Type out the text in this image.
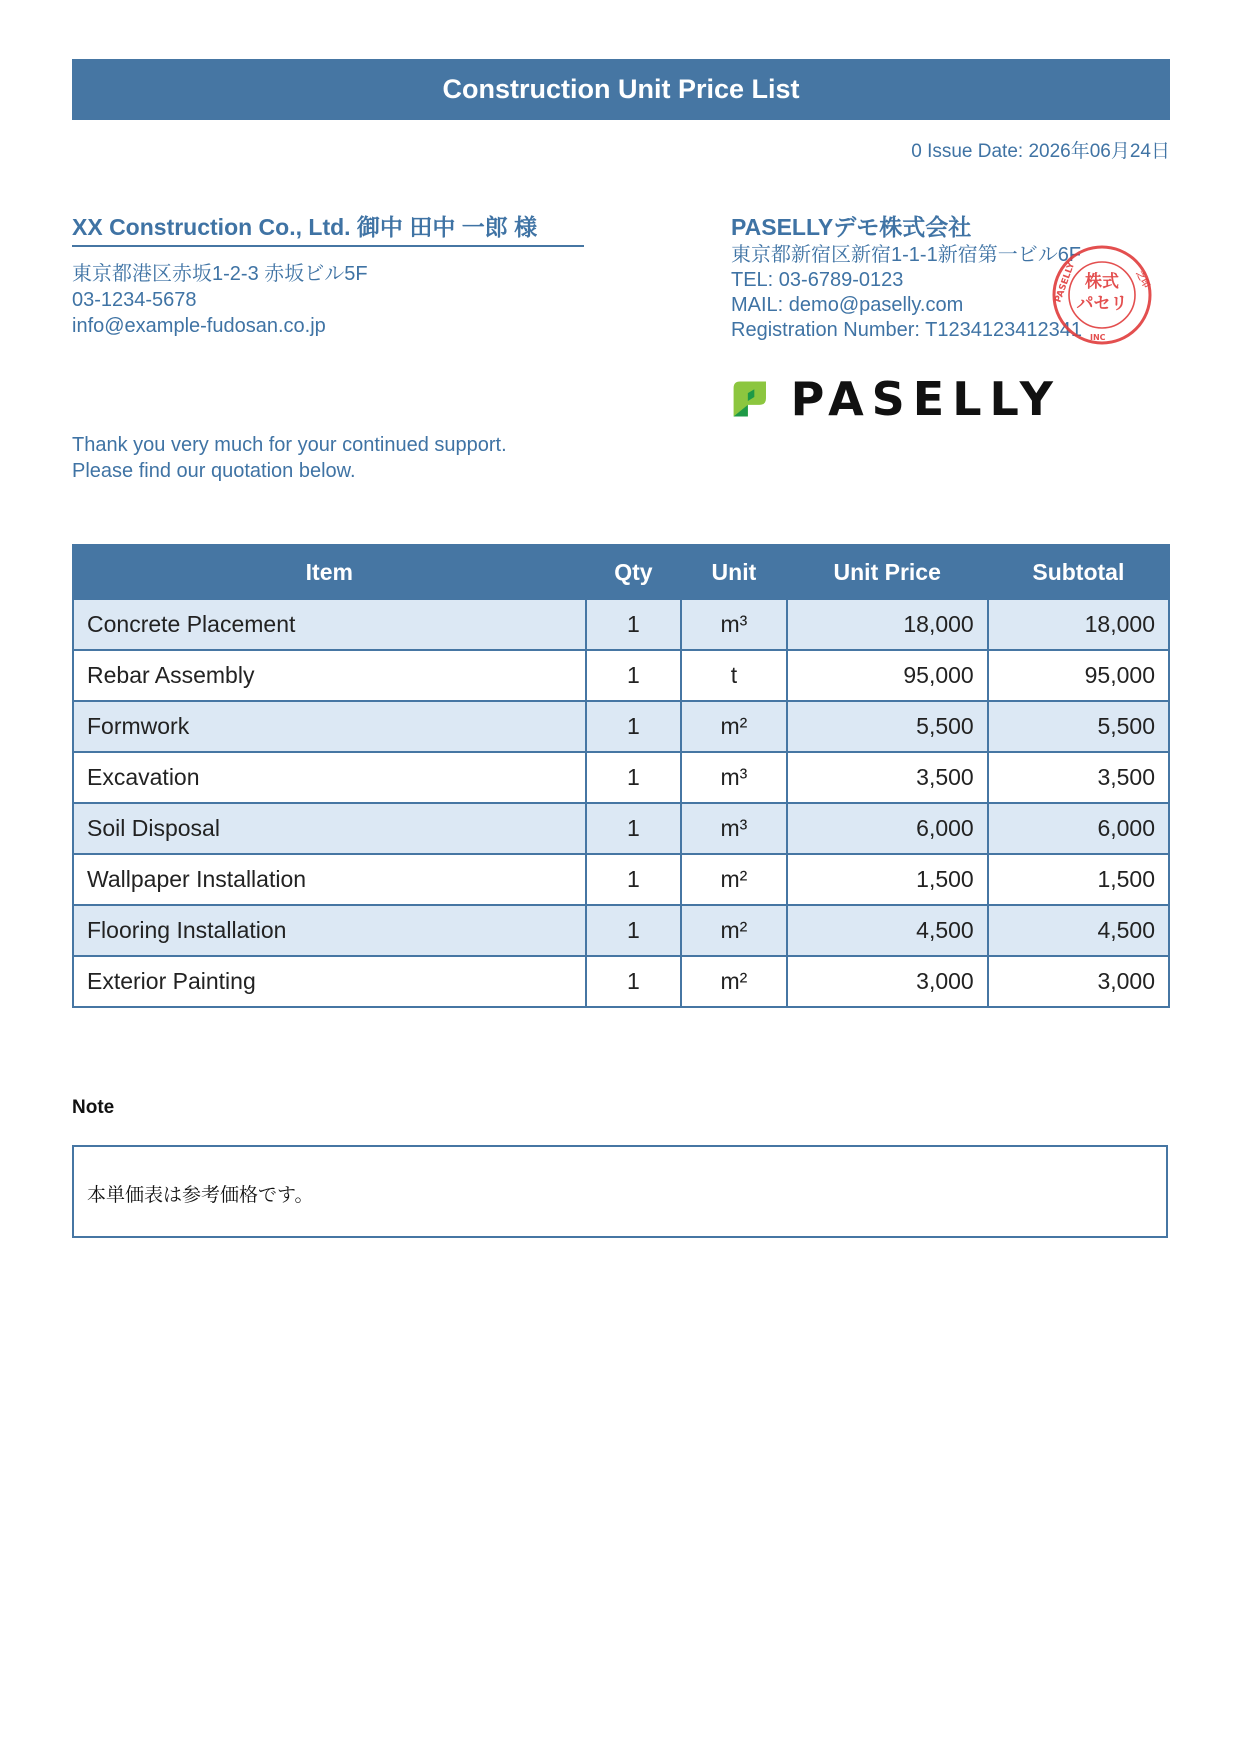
Construction Unit Price List
0 Issue Date: 2026年06月24日
XX Construction Co., Ltd. 御中 田中 一郎 様
東京都港区赤坂1-2-3 赤坂ビル5F
03-1234-5678
info@example-fudosan.co.jp
Thank you very much for your continued support.
Please find our quotation below.
PASELLYデモ株式会社
東京都新宿区新宿1-1-1新宿第一ビル6F
TEL: 03-6789-0123
MAIL: demo@paselly.com
Registration Number: T1234123412341
株式
パセリ
PASELLY	之印
INC
PASELLY
Item	Qty	Unit	Unit Price	Subtotal
Concrete Placement	1	m³	18,000	18,000
Rebar Assembly	1	t	95,000	95,000
Formwork	1	m²	5,500	5,500
Excavation	1	m³	3,500	3,500
Soil Disposal	1	m³	6,000	6,000
Wallpaper Installation	1	m²	1,500	1,500
Flooring Installation	1	m²	4,500	4,500
Exterior Painting	1	m²	3,000	3,000
Note
本単価表は参考価格です。
